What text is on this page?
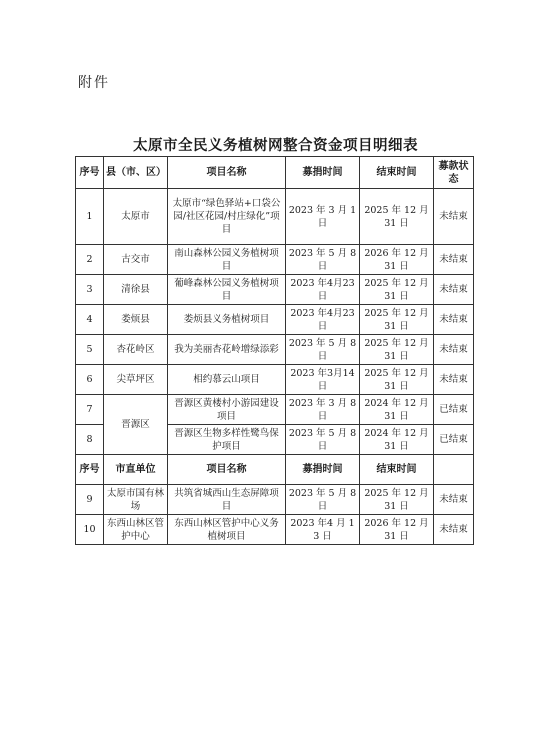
附件
太原市全民义务植树网整合资金项目明细表
序号	县（市、区）	项目名称	募捐时间	结束时间	募款状态
1	太原市	太原市“绿色驿站+口袋公园/社区花园/村庄绿化”项目	2023 年 3 月 1 日	2025 年 12 月 31 日	未结束
2	古交市	南山森林公园义务植树项目	2023 年 5 月 8 日	2026 年 12 月 31 日	未结束
3	清徐县	葡峰森林公园义务植树项目	2023 年4月23 日	2025 年 12 月 31 日	未结束
4	娄烦县	娄烦县义务植树项目	2023 年4月23 日	2025 年 12 月 31 日	未结束
5	杏花岭区	我为美丽杏花岭增绿添彩	2023 年 5 月 8 日	2025 年 12 月 31 日	未结束
6	尖草坪区	相约慕云山项目	2023 年3月14 日	2025 年 12 月 31 日	未结束
7	晋源区	晋源区黄楼村小游园建设项目	2023 年 3 月 8 日	2024 年 12 月 31 日	已结束
8		晋源区生物多样性鹭鸟保护项目	2023 年 5 月 8 日	2024 年 12 月 31 日	已结束
序号	市直单位	项目名称	募捐时间	结束时间	
9	太原市国有林场	共筑省城西山生态屏障项目	2023 年 5 月 8 日	2025 年 12 月 31 日	未结束
10	东西山林区管护中心	东西山林区管护中心义务植树项目	2023 年4 月 13 日	2026 年 12 月 31 日	未结束
